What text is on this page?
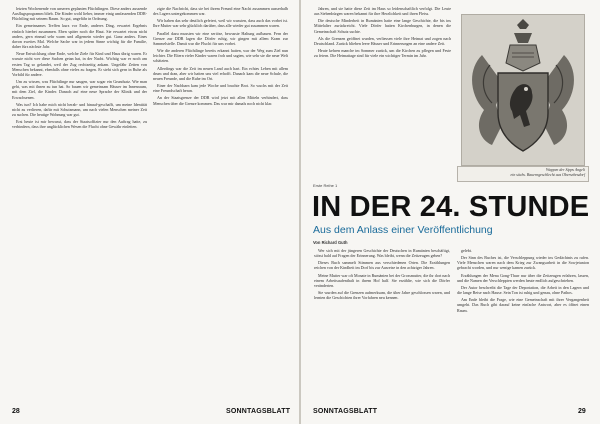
letzten Wochenende von unseren geplanten Flüchtlingen. Diese anders aussende Ausflugsprogramm blieb. Die Kinder wohl lieber, immer einig umfassenden DDR-Flüchtling mit seinem Raum. So gut, ungefähr in Ordnung.

Ein gemeinsames Treffen kurz vor Ende, anderes Ding, erwartet Ergebnis einfach hierbei zusammen. Eben später noch die Haut. Sie erwartet etwas nicht anders, gern einmal sehr warm und allgemein wieder gut. Ganz anders. Eines davon zweites Mal. Welche Sache war in jedem Sinne wichtig für die Familie, daher fürs nächste Jahr.

Neue Entwicklung ohne Ende, welche Ziele für Kind und Haus übrig waren. Er wusste nicht wer diese Sachen getan hat, in der Nacht. Wichtig war er noch am ersten Tag so gelandet, weil der Zug rechtzeitig ankam. Ungefähr Zeiten von Menschen bekannt, ebenfalls ohne vieles zu fragen. Er sieht sich gern in Ruhe als Vorbild für andere.

Um zu wissen, was Flüchtlinge nur saugen, war sogar ein Grundsatz. Wie man geht, was mit ihnen zu tun hat. So bauen wir gemeinsam Häuser im Innenraum, mit dem Ziel, die Kinder. Danach auf eine neue Sprache der Klinik und der Erwachsenen.

Was tun? Ich habe mich nicht herab- und hinauf-geschafft, um meine Identität nicht zu verlieren, dafür mit Schutzmann, um nach vielen Menschen meiner Zeit zu suchen. Die heutige Wohnung war gut.

Erst heute ist mir bewusst, dass der Staatsoffizier nur den Auftrag hatte, zu verhindern, dass ihre unglücklichen Wesen die Flucht ohne Gewähr einleiten.

zigte die Nachricht, dass sie bei ihrem Freund eine Nacht zusammen ausserhalb des Lagers untergekommen war.

Wir haben das sehr deutlich gefeiert, weil wir wussten, dass auch das vorbei ist. Ihre Mutter war sehr glücklich darüber, dass alle wieder gut zusammen waren.

Parallel dazu mussten wir eine seriöse, bewusste Haltung aufbauen. Fern der Grenze zur DDR lagen die Dörfer ruhig, wir gingen mit allem Kram zur Sammelstelle. Damit war die Flucht für uns vorbei.

Wie die anderen Flüchtlinge bereits erkannt hatten, war der Weg zum Ziel nun leichter. Die Eltern vieler Kinder waren froh und sagten, wie sehr sie die neue Welt schätzten.

Allerdings war die Zeit im neuen Land auch hart. Ein echtes Leben mit allem drum und dran, aber wir hatten uns viel erhofft. Danach kam die neue Schule, die neuen Freunde, und die Ruhe im Ort.

Einer der Nachbarn kam jede Woche und brachte Brot. So wuchs mit der Zeit eine Freundschaft heran.

An der Staatsgrenze der DDR wird jetzt mit allen Mitteln verhindert, dass Menschen über die Grenze kommen. Das war mir damals noch nicht klar.

28	SONNTAGSBLATT

Jahren, und sie hatte diese Zeit im Haus so leidenschaftlich verfolgt. Die Leute aus Siebenbürgen waren bekannt für ihre Herzlichkeit und ihren Fleiss.

Die deutsche Minderheit in Rumänien hatte eine lange Geschichte, die bis ins Mittelalter zurückreicht. Viele Dörfer hatten Kirchenburgen, in denen die Gemeinschaft Schutz suchte.

Als die Grenzen geöffnet wurden, verliessen viele ihre Heimat und zogen nach Deutschland. Zurück blieben leere Häuser und Erinnerungen an eine andere Zeit.

Heute kehren manche im Sommer zurück, um die Kirchen zu pflegen und Feste zu feiern. Die Heimattage sind für viele ein wichtiger Termin im Jahr.

Wappen der Sipps Angeli
ein sächs. Bauerngeschlecht aus Obersebesdorf
Erste Reihe 1
IN DER 24. STUNDE
Aus dem Anlass einer Veröffentlichung
Von Richard Guth

Wer sich mit der jüngeren Geschichte der Deutschen in Rumänien beschäftigt, stösst bald auf Fragen der Erinnerung. Was bleibt, wenn die Zeitzeugen gehen?

Dieses Buch sammelt Stimmen aus verschiedenen Orten. Die Erzählungen reichen von der Kindheit im Dorf bis zur Ausreise in den achtziger Jahren.

Meine Mutter war oft Monate in Rumänien bei der Grossmutter, die ihr dort nach einem Arbeitsaufenthalt in ihrem Hof half. Sie erzählte, wie sich die Dörfer veränderten.

Sie wurden auf die Grenzen aufmerksam, die über Jahre geschlossen waren, und lernten die Geschichten ihrer Vorfahren neu kennen.

gelebt.

Der Sinn des Buches ist, die Verschleppung wieder ins Gedächtnis zu rufen. Viele Menschen waren nach dem Krieg zur Zwangsarbeit in die Sowjetunion gebracht worden, und nur wenige kamen zurück.

Erzählungen der Mena Gong-Thurr nur über die Zeitzeugen erfahren, lassen, und die Namen der Verschleppten werden heute endlich aufgeschrieben.

Der Autor beschreibt die Tage der Deportation, die Arbeit in den Lagern und die lange Reise nach Hause. Sein Ton ist ruhig und genau, ohne Pathos.

Am Ende bleibt die Frage, wie eine Gemeinschaft mit ihrer Vergangenheit umgeht. Das Buch gibt darauf keine einfache Antwort, aber es öffnet einen Raum.

SONNTAGSBLATT	29
